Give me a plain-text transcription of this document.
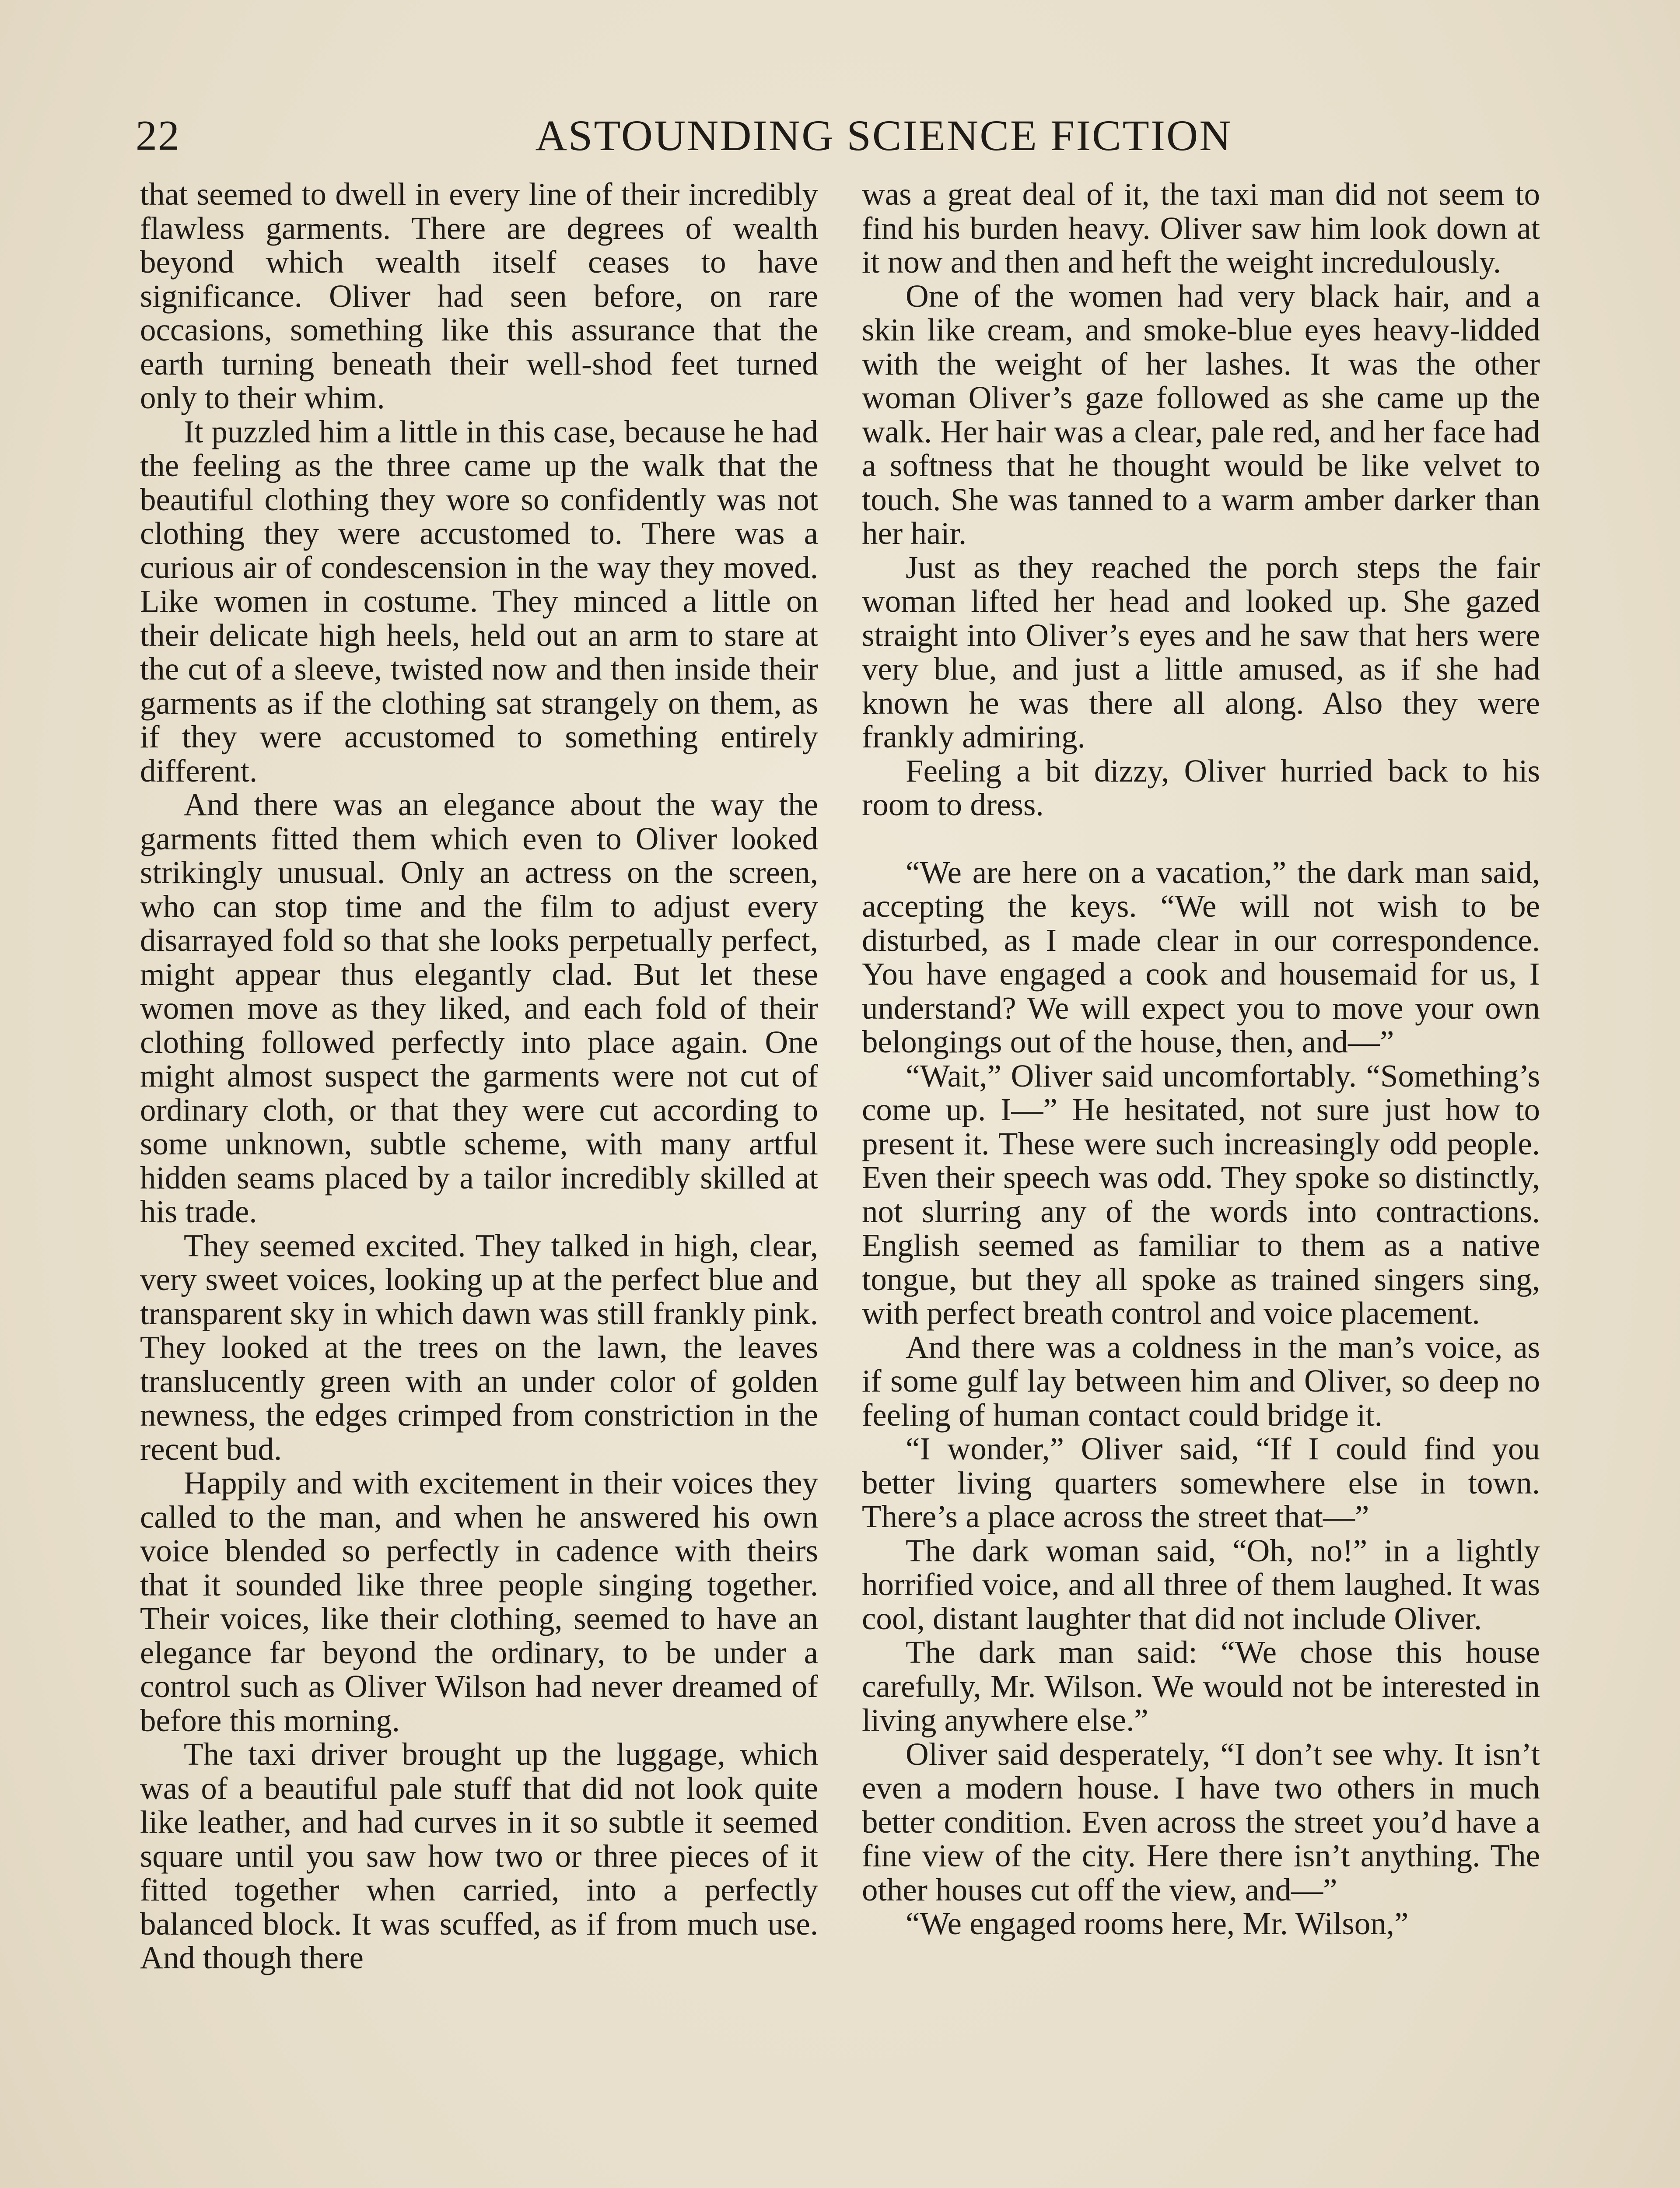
22	ASTOUNDING SCIENCE FICTION

that seemed to dwell in every line of their incredibly flawless garments. There are degrees of wealth beyond which wealth itself ceases to have significance. Oliver had seen before, on rare occasions, something like this assurance that the earth turning beneath their well-shod feet turned only to their whim.

It puzzled him a little in this case, because he had the feeling as the three came up the walk that the beautiful clothing they wore so confidently was not clothing they were accustomed to. There was a curious air of condescension in the way they moved. Like women in costume. They minced a little on their delicate high heels, held out an arm to stare at the cut of a sleeve, twisted now and then inside their garments as if the clothing sat strangely on them, as if they were accustomed to something entirely different.

And there was an elegance about the way the garments fitted them which even to Oliver looked strikingly unusual. Only an actress on the screen, who can stop time and the film to adjust every disarrayed fold so that she looks perpetually perfect, might appear thus elegantly clad. But let these women move as they liked, and each fold of their clothing followed perfectly into place again. One might almost suspect the garments were not cut of ordinary cloth, or that they were cut according to some unknown, subtle scheme, with many artful hidden seams placed by a tailor incredibly skilled at his trade.

They seemed excited. They talked in high, clear, very sweet voices, looking up at the perfect blue and transparent sky in which dawn was still frankly pink. They looked at the trees on the lawn, the leaves translucently green with an under color of golden newness, the edges crimped from constriction in the recent bud.

Happily and with excitement in their voices they called to the man, and when he answered his own voice blended so perfectly in cadence with theirs that it sounded like three people singing together. Their voices, like their clothing, seemed to have an elegance far beyond the ordinary, to be under a control such as Oliver Wilson had never dreamed of before this morning.

The taxi driver brought up the luggage, which was of a beautiful pale stuff that did not look quite like leather, and had curves in it so subtle it seemed square until you saw how two or three pieces of it fitted together when carried, into a perfectly balanced block. It was scuffed, as if from much use. And though there

was a great deal of it, the taxi man did not seem to find his burden heavy. Oliver saw him look down at it now and then and heft the weight incredulously.

One of the women had very black hair, and a skin like cream, and smoke-blue eyes heavy-lidded with the weight of her lashes. It was the other woman Oliver’s gaze followed as she came up the walk. Her hair was a clear, pale red, and her face had a softness that he thought would be like velvet to touch. She was tanned to a warm amber darker than her hair.

Just as they reached the porch steps the fair woman lifted her head and looked up. She gazed straight into Oliver’s eyes and he saw that hers were very blue, and just a little amused, as if she had known he was there all along. Also they were frankly admiring.

Feeling a bit dizzy, Oliver hurried back to his room to dress.

“We are here on a vacation,” the dark man said, accepting the keys. “We will not wish to be disturbed, as I made clear in our correspondence. You have engaged a cook and housemaid for us, I understand? We will expect you to move your own belongings out of the house, then, and—”

“Wait,” Oliver said uncomfortably. “Something’s come up. I—” He hesitated, not sure just how to present it. These were such increasingly odd people. Even their speech was odd. They spoke so distinctly, not slurring any of the words into contractions. English seemed as familiar to them as a native tongue, but they all spoke as trained singers sing, with perfect breath control and voice placement.

And there was a coldness in the man’s voice, as if some gulf lay between him and Oliver, so deep no feeling of human contact could bridge it.

“I wonder,” Oliver said, “If I could find you better living quarters somewhere else in town. There’s a place across the street that—”

The dark woman said, “Oh, no!” in a lightly horrified voice, and all three of them laughed. It was cool, distant laughter that did not include Oliver.

The dark man said: “We chose this house carefully, Mr. Wilson. We would not be interested in living anywhere else.”

Oliver said desperately, “I don’t see why. It isn’t even a modern house. I have two others in much better condition. Even across the street you’d have a fine view of the city. Here there isn’t anything. The other houses cut off the view, and—”

“We engaged rooms here, Mr. Wilson,”
